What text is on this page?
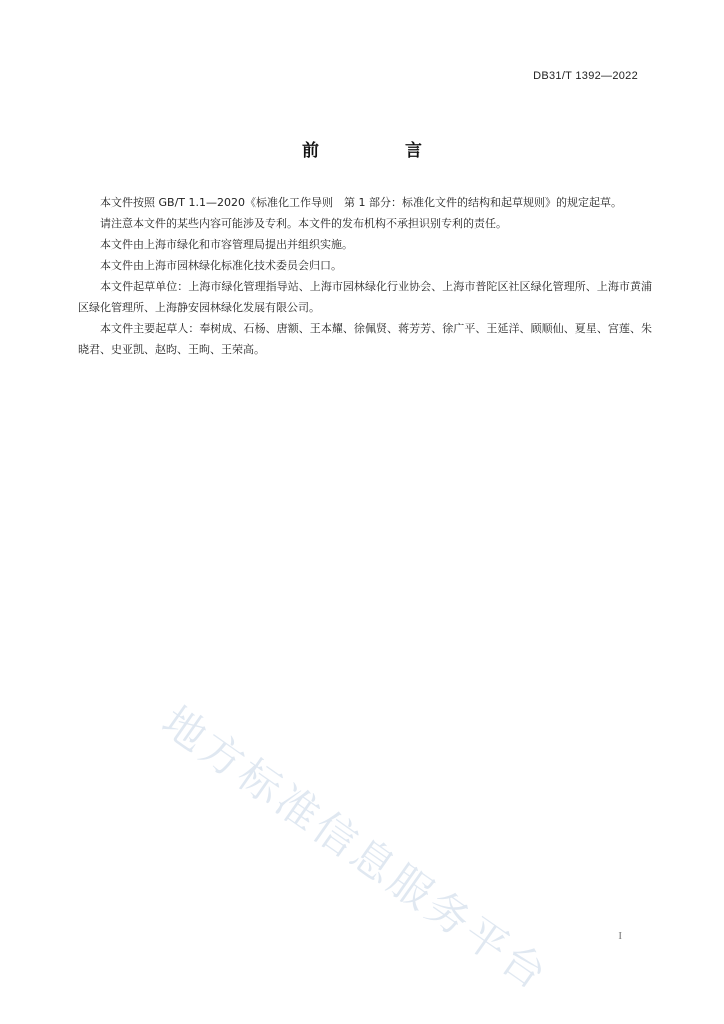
DB31/T 1392—2022
前 言

本文件按照 GB/T 1.1—2020《标准化工作导则　第 1 部分：标准化文件的结构和起草规则》的规定起草。

请注意本文件的某些内容可能涉及专利。本文件的发布机构不承担识别专利的责任。

本文件由上海市绿化和市容管理局提出并组织实施。

本文件由上海市园林绿化标准化技术委员会归口。

本文件起草单位：上海市绿化管理指导站、上海市园林绿化行业协会、上海市普陀区社区绿化管理所、上海市黄浦区绿化管理所、上海静安园林绿化发展有限公司。

本文件主要起草人：奉树成、石杨、唐额、王本耀、徐佩贤、蒋芳芳、徐广平、王延洋、顾顺仙、夏星、宫莲、朱晓君、史亚凯、赵昀、王昫、王荣高。

地方标准信息服务平台	I
